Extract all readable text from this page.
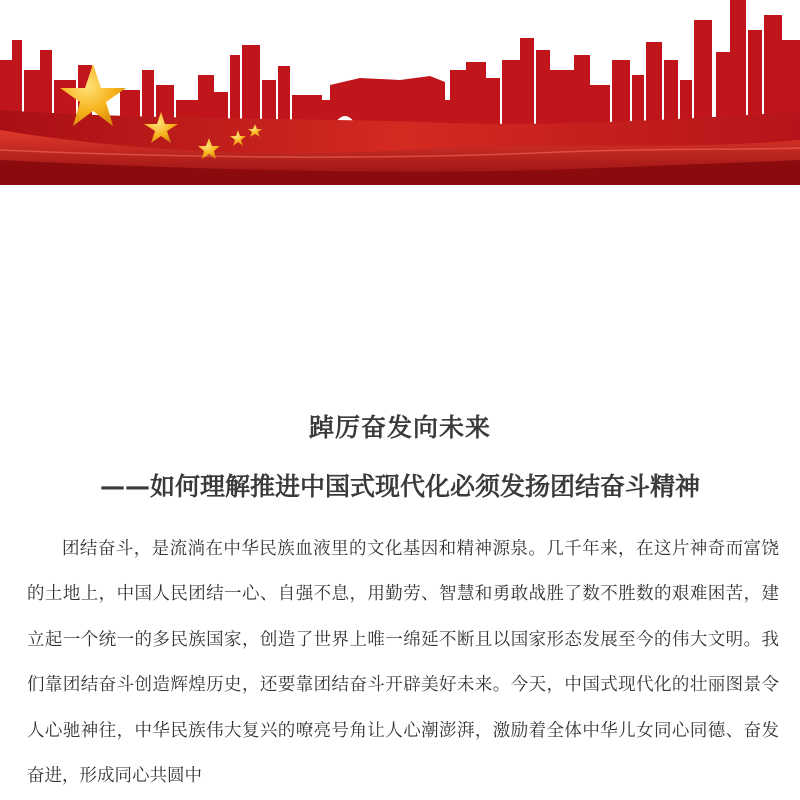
踔厉奋发向未来
——如何理解推进中国式现代化必须发扬团结奋斗精神

团结奋斗，是流淌在中华民族血液里的文化基因和精神源泉。几千年来，在这片神奇而富饶的土地上，中国人民团结一心、自强不息，用勤劳、智慧和勇敢战胜了数不胜数的艰难困苦，建立起一个统一的多民族国家，创造了世界上唯一绵延不断且以国家形态发展至今的伟大文明。我们靠团结奋斗创造辉煌历史，还要靠团结奋斗开辟美好未来。今天，中国式现代化的壮丽图景令人心驰神往，中华民族伟大复兴的嘹亮号角让人心潮澎湃，激励着全体中华儿女同心同德、奋发奋进，形成同心共圆中
